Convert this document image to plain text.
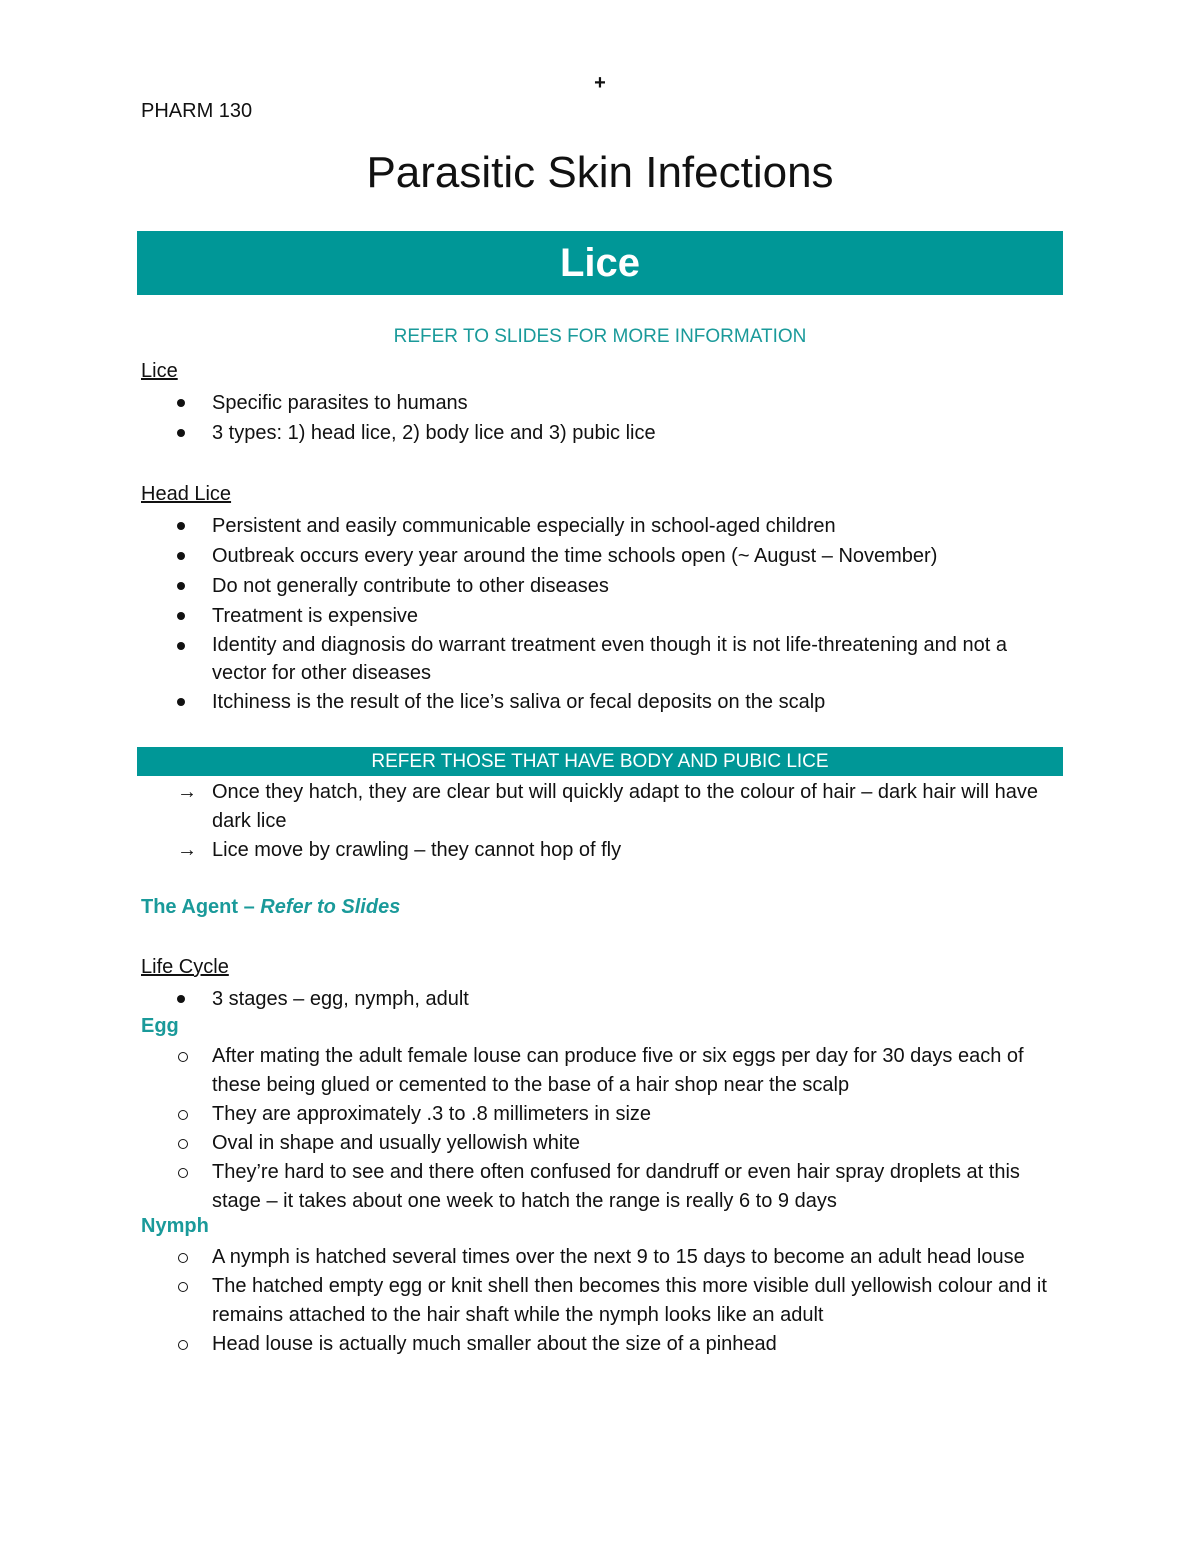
+
PHARM 130
Parasitic Skin Infections
Lice
REFER TO SLIDES FOR MORE INFORMATION
Lice
Specific parasites to humans
3 types: 1) head lice, 2) body lice and 3) pubic lice
Head Lice
Persistent and easily communicable especially in school-aged children
Outbreak occurs every year around the time schools open (~ August – November)
Do not generally contribute to other diseases
Treatment is expensive
Identity and diagnosis do warrant treatment even though it is not life-threatening and not a vector for other diseases
Itchiness is the result of the lice’s saliva or fecal deposits on the scalp
REFER THOSE THAT HAVE BODY AND PUBIC LICE
→ Once they hatch, they are clear but will quickly adapt to the colour of hair – dark hair will have dark lice
→ Lice move by crawling – they cannot hop of fly
The Agent – Refer to Slides
Life Cycle
3 stages – egg, nymph, adult
Egg
After mating the adult female louse can produce five or six eggs per day for 30 days each of these being glued or cemented to the base of a hair shop near the scalp
They are approximately .3 to .8 millimeters in size
Oval in shape and usually yellowish white
They’re hard to see and there often confused for dandruff or even hair spray droplets at this stage – it takes about one week to hatch the range is really 6 to 9 days
Nymph
A nymph is hatched several times over the next 9 to 15 days to become an adult head louse
The hatched empty egg or knit shell then becomes this more visible dull yellowish colour and it remains attached to the hair shaft while the nymph looks like an adult
Head louse is actually much smaller about the size of a pinhead
